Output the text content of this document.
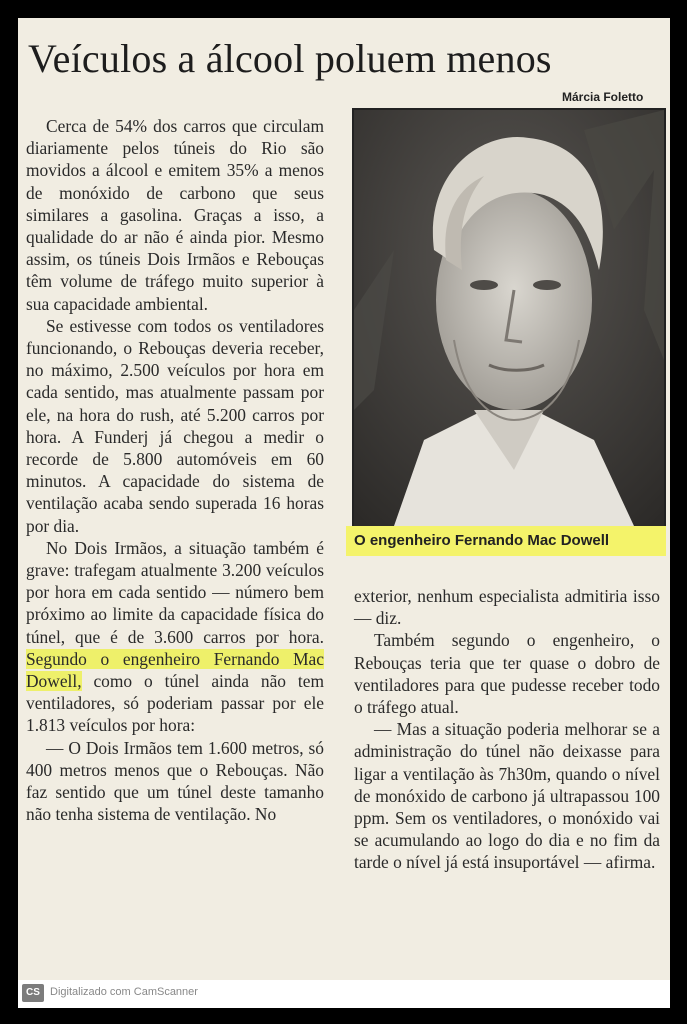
Veículos a álcool poluem menos
Márcia Foletto

Cerca de 54% dos carros que circulam diariamente pelos túneis do Rio são movidos a álcool e emitem 35% a menos de monóxido de carbono que seus similares a gasolina. Graças a isso, a qualidade do ar não é ainda pior. Mesmo assim, os túneis Dois Irmãos e Rebouças têm volume de tráfego muito superior à sua capacidade ambiental.

Se estivesse com todos os ventiladores funcionando, o Rebouças deveria receber, no máximo, 2.500 veículos por hora em cada sentido, mas atualmente passam por ele, na hora do rush, até 5.200 carros por hora. A Funderj já chegou a medir o recorde de 5.800 automóveis em 60 minutos. A capacidade do sistema de ventilação acaba sendo superada 16 horas por dia.

No Dois Irmãos, a situação também é grave: trafegam atualmente 3.200 veículos por hora em cada sentido — número bem próximo ao limite da capacidade física do túnel, que é de 3.600 carros por hora. Segundo o engenheiro Fernando Mac Dowell, como o túnel ainda não tem ventiladores, só poderiam passar por ele 1.813 veículos por hora:

— O Dois Irmãos tem 1.600 metros, só 400 metros menos que o Rebouças. Não faz sentido que um túnel deste tamanho não tenha sistema de ventilação. No

O engenheiro Fernando Mac Dowell

exterior, nenhum especialista admitiria isso — diz.

Também segundo o engenheiro, o Rebouças teria que ter quase o dobro de ventiladores para que pudesse receber todo o tráfego atual.

— Mas a situação poderia melhorar se a administração do túnel não deixasse para ligar a ventilação às 7h30m, quando o nível de monóxido de carbono já ultrapassou 100 ppm. Sem os ventiladores, o monóxido vai se acumulando ao logo do dia e no fim da tarde o nível já está insuportável — afirma.

CS Digitalizado com CamScanner
